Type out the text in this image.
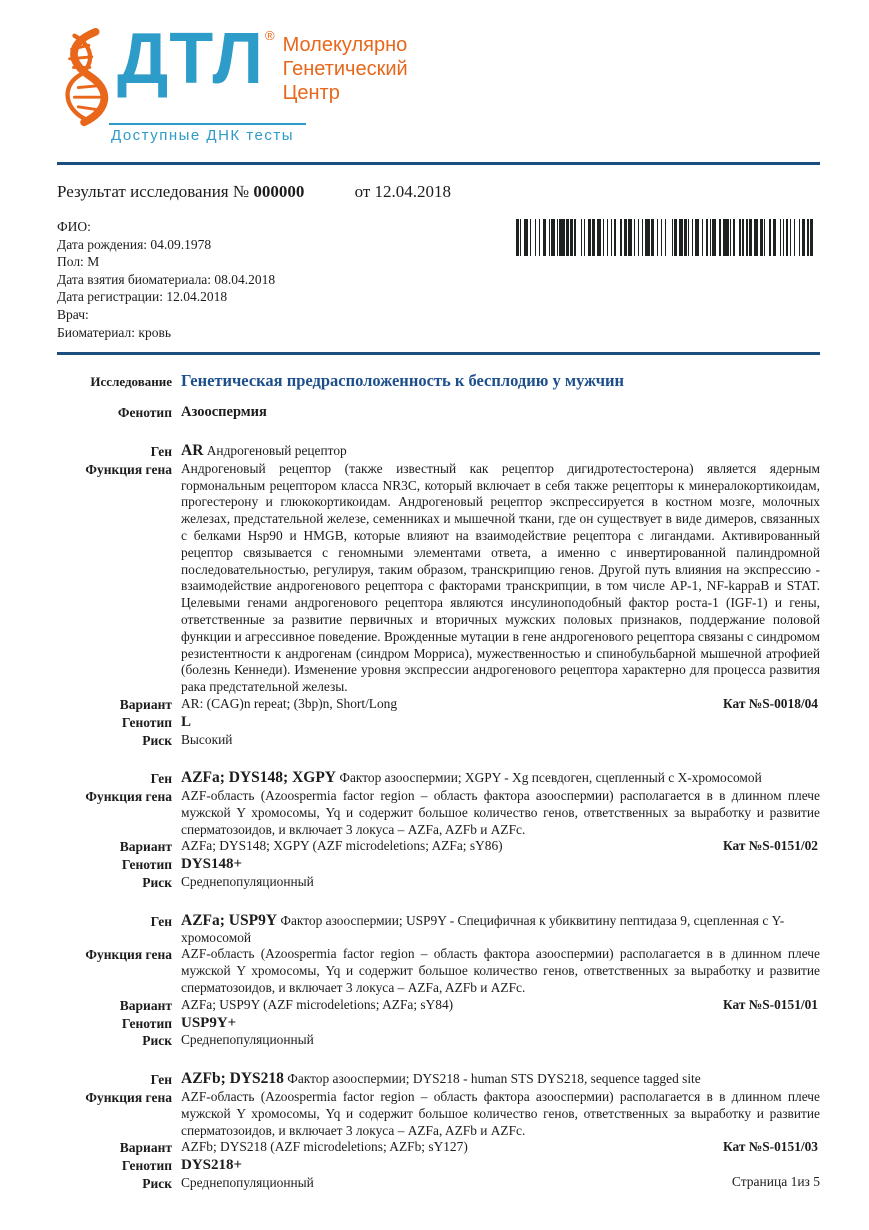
ДТЛ ® Молекулярно
Генетический
Центр
Доступные ДНК тесты
Результат исследования № 000000	от 12.04.2018
ФИО:
Дата рождения: 04.09.1978
Пол: М
Дата взятия биоматериала: 08.04.2018
Дата регистрации: 12.04.2018
Врач:
Биоматериал: кровь
Исследование Генетическая предрасположенность к бесплодию у мужчин
Фенотип Азооспермия
Ген AR Андрогеновый рецептор
Функция гена Андрогеновый рецептор (также известный как рецептор дигидротестостерона) является ядерным гормональным рецептором класса NR3C, который включает в себя также рецепторы к минералокортикоидам, прогестерону и глюкокортикоидам. Андрогеновый рецептор экспрессируется в костном мозге, молочных железах, предстательной железе, семенниках и мышечной ткани, где он существует в виде димеров, связанных с белками Hsp90 и HMGB, которые влияют на взаимодействие рецептора с лигандами. Активированный рецептор связывается с геномными элементами ответа, а именно с инвертированной палиндромной последовательностью, регулируя, таким образом, транскрипцию генов. Другой путь влияния на экспрессию - взаимодействие андрогенового рецептора с факторами транскрипции, в том числе AP-1, NF-kappaB и STAT. Целевыми генами андрогенового рецептора являются инсулиноподобный фактор роста-1 (IGF-1) и гены, ответственные за развитие первичных и вторичных мужских половых признаков, поддержание половой функции и агрессивное поведение. Врожденные мутации в гене андрогенового рецептора связаны с синдромом резистентности к андрогенам (синдром Морриса), мужественностью и спинобульбарной мышечной атрофией (болезнь Кеннеди). Изменение уровня экспрессии андрогенового рецептора характерно для процесса развития рака предстательной железы.
Вариант AR: (CAG)n repeat; (3bp)n, Short/Long	Кат №S-0018/04
Генотип L
Риск Высокий
Ген AZFa; DYS148; XGPY Фактор азооспермии; XGPY - Xg псевдоген, сцепленный с Х-хромосомой
Функция гена AZF-область (Azoospermia factor region – область фактора азооспермии) располагается в в длинном плече мужской Y хромосомы, Yq и содержит большое количество генов, ответственных за выработку и развитие сперматозоидов, и включает 3 локуса – AZFa, AZFb и AZFc.
Вариант AZFa; DYS148; XGPY (AZF microdeletions; AZFa; sY86)	Кат №S-0151/02
Генотип DYS148+
Риск Среднепопуляционный
Ген AZFa; USP9Y Фактор азооспермии; USP9Y - Специфичная к убиквитину пептидаза 9, сцепленная с Y-хромосомой
Функция гена AZF-область (Azoospermia factor region – область фактора азооспермии) располагается в в длинном плече мужской Y хромосомы, Yq и содержит большое количество генов, ответственных за выработку и развитие сперматозоидов, и включает 3 локуса – AZFa, AZFb и AZFc.
Вариант AZFa; USP9Y (AZF microdeletions; AZFa; sY84)	Кат №S-0151/01
Генотип USP9Y+
Риск Среднепопуляционный
Ген AZFb; DYS218 Фактор азооспермии; DYS218 - human STS DYS218, sequence tagged site
Функция гена AZF-область (Azoospermia factor region – область фактора азооспермии) располагается в в длинном плече мужской Y хромосомы, Yq и содержит большое количество генов, ответственных за выработку и развитие сперматозоидов, и включает 3 локуса – AZFa, AZFb и AZFc.
Вариант AZFb; DYS218 (AZF microdeletions; AZFb; sY127)	Кат №S-0151/03
Генотип DYS218+
Риск Среднепопуляционный	Страница 1из 5
